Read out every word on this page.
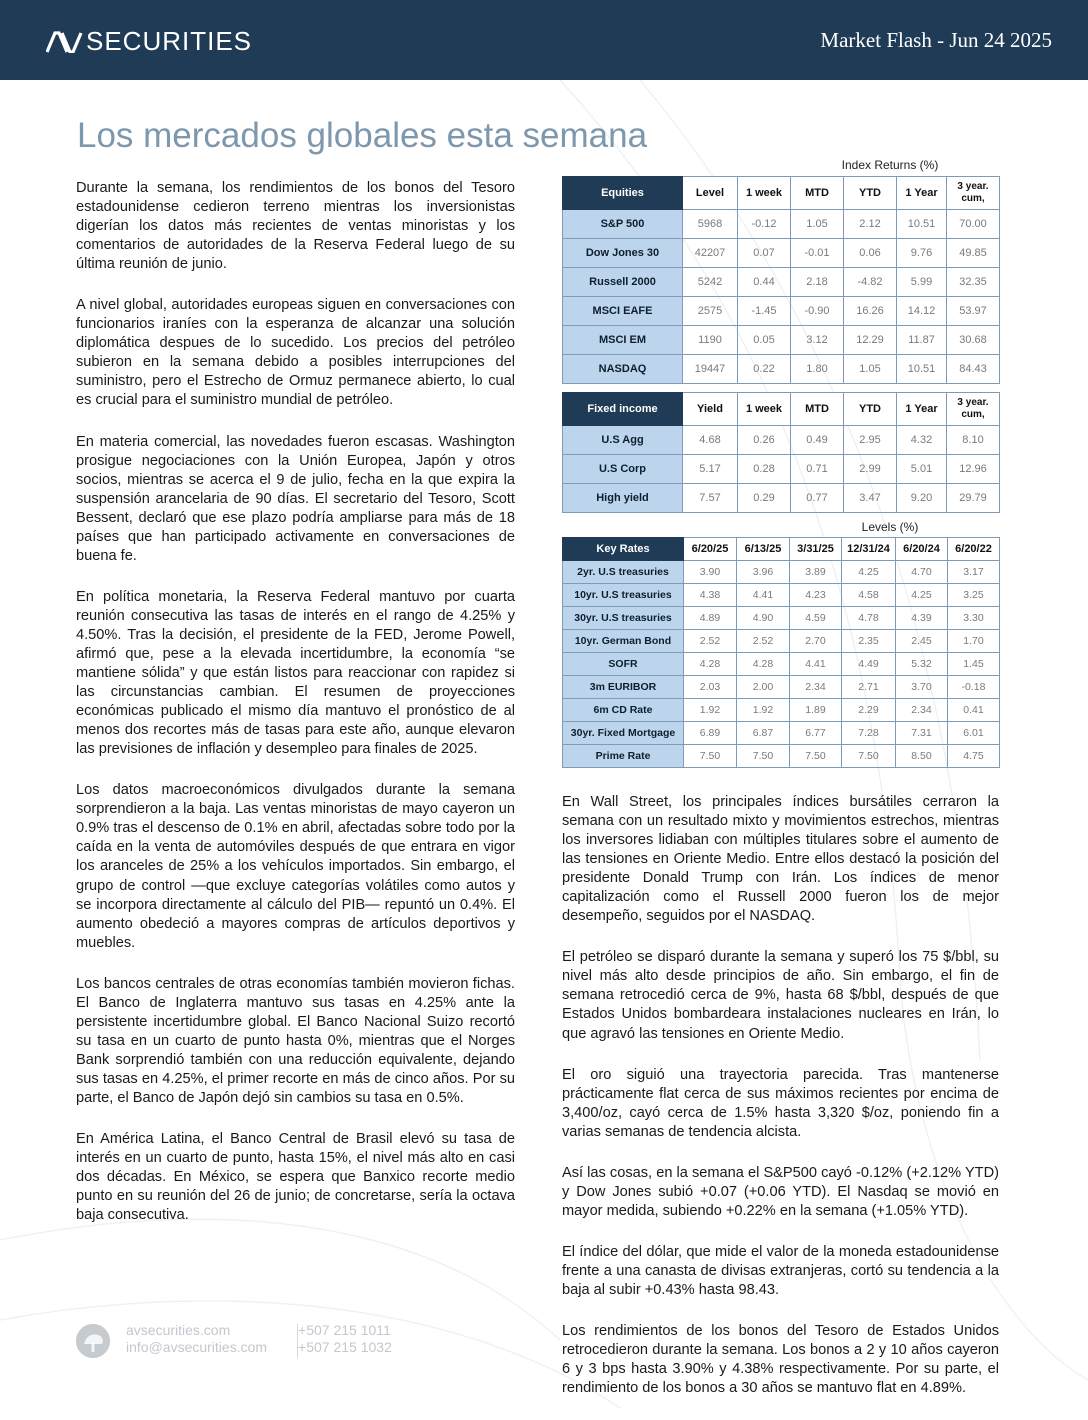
SECURITIES	Market Flash - Jun 24 2025
Los mercados globales esta semana

Durante la semana, los rendimientos de los bonos del Tesoro estadounidense cedieron terreno mientras los inversionistas digerían los datos más recientes de ventas minoristas y los comentarios de autoridades de la Reserva Federal luego de su última reunión de junio.

A nivel global, autoridades europeas siguen en conversaciones con funcionarios iraníes con la esperanza de alcanzar una solución diplomática despues de lo sucedido. Los precios del petróleo subieron en la semana debido a posibles interrupciones del suministro, pero el Estrecho de Ormuz permanece abierto, lo cual es crucial para el suministro mundial de petróleo.

En materia comercial, las novedades fueron escasas. Washington prosigue negociaciones con la Unión Europea, Japón y otros socios, mientras se acerca el 9 de julio, fecha en la que expira la suspensión arancelaria de 90 días. El secretario del Tesoro, Scott Bessent, declaró que ese plazo podría ampliarse para más de 18 países que han participado activamente en conversaciones de buena fe.

En política monetaria, la Reserva Federal mantuvo por cuarta reunión consecutiva las tasas de interés en el rango de 4.25% y 4.50%. Tras la decisión, el presidente de la FED, Jerome Powell, afirmó que, pese a la elevada incertidumbre, la economía “se mantiene sólida” y que están listos para reaccionar con rapidez si las circunstancias cambian. El resumen de proyecciones económicas publicado el mismo día mantuvo el pronóstico de al menos dos recortes más de tasas para este año, aunque elevaron las previsiones de inflación y desempleo para finales de 2025.

Los datos macroeconómicos divulgados durante la semana sorprendieron a la baja. Las ventas minoristas de mayo cayeron un 0.9% tras el descenso de 0.1% en abril, afectadas sobre todo por la caída en la venta de automóviles después de que entrara en vigor los aranceles de 25% a los vehículos importados. Sin embargo, el grupo de control —que excluye categorías volátiles como autos y se incorpora directamente al cálculo del PIB— repuntó un 0.4%. El aumento obedeció a mayores compras de artículos deportivos y muebles.

Los bancos centrales de otras economías también movieron fichas. El Banco de Inglaterra mantuvo sus tasas en 4.25% ante la persistente incertidumbre global. El Banco Nacional Suizo recortó su tasa en un cuarto de punto hasta 0%, mientras que el Norges Bank sorprendió también con una reducción equivalente, dejando sus tasas en 4.25%, el primer recorte en más de cinco años. Por su parte, el Banco de Japón dejó sin cambios su tasa en 0.5%.

En América Latina, el Banco Central de Brasil elevó su tasa de interés en un cuarto de punto, hasta 15%, el nivel más alto en casi dos décadas. En México, se espera que Banxico recorte medio punto en su reunión del 26 de junio; de concretarse, sería la octava baja consecutiva.

Index Returns (%)
Equities	Level	1 week	MTD	YTD	1 Year	3 year. cum,
S&P 500	5968	-0.12	1.05	2.12	10.51	70.00
Dow Jones 30	42207	0.07	-0.01	0.06	9.76	49.85
Russell 2000	5242	0.44	2.18	-4.82	5.99	32.35
MSCI EAFE	2575	-1.45	-0.90	16.26	14.12	53.97
MSCI EM	1190	0.05	3.12	12.29	11.87	30.68
NASDAQ	19447	0.22	1.80	1.05	10.51	84.43
Fixed income	Yield	1 week	MTD	YTD	1 Year	3 year. cum,
U.S Agg	4.68	0.26	0.49	2.95	4.32	8.10
U.S Corp	5.17	0.28	0.71	2.99	5.01	12.96
High yield	7.57	0.29	0.77	3.47	9.20	29.79
Levels (%)
Key Rates	6/20/25	6/13/25	3/31/25	12/31/24	6/20/24	6/20/22
2yr. U.S treasuries	3.90	3.96	3.89	4.25	4.70	3.17
10yr. U.S treasuries	4.38	4.41	4.23	4.58	4.25	3.25
30yr. U.S treasuries	4.89	4.90	4.59	4.78	4.39	3.30
10yr. German Bond	2.52	2.52	2.70	2.35	2.45	1.70
SOFR	4.28	4.28	4.41	4.49	5.32	1.45
3m EURIBOR	2.03	2.00	2.34	2.71	3.70	-0.18
6m CD Rate	1.92	1.92	1.89	2.29	2.34	0.41
30yr. Fixed Mortgage	6.89	6.87	6.77	7.28	7.31	6.01
Prime Rate	7.50	7.50	7.50	7.50	8.50	4.75

En Wall Street, los principales índices bursátiles cerraron la semana con un resultado mixto y movimientos estrechos, mientras los inversores lidiaban con múltiples titulares sobre el aumento de las tensiones en Oriente Medio. Entre ellos destacó la posición del presidente Donald Trump con Irán. Los índices de menor capitalización como el Russell 2000 fueron los de mejor desempeño, seguidos por el NASDAQ.

El petróleo se disparó durante la semana y superó los 75 $/bbl, su nivel más alto desde principios de año. Sin embargo, el fin de semana retrocedió cerca de 9%, hasta 68 $/bbl, después de que Estados Unidos bombardeara instalaciones nucleares en Irán, lo que agravó las tensiones en Oriente Medio.

El oro siguió una trayectoria parecida. Tras mantenerse prácticamente flat cerca de sus máximos recientes por encima de 3,400/oz, cayó cerca de 1.5% hasta 3,320 $/oz, poniendo fin a varias semanas de tendencia alcista.

Así las cosas, en la semana el S&P500 cayó -0.12% (+2.12% YTD) y Dow Jones subió +0.07 (+0.06 YTD). El Nasdaq se movió en mayor medida, subiendo +0.22% en la semana (+1.05% YTD).

El índice del dólar, que mide el valor de la moneda estadounidense frente a una canasta de divisas extranjeras, cortó su tendencia a la baja al subir +0.43% hasta 98.43.

Los rendimientos de los bonos del Tesoro de Estados Unidos retrocedieron durante la semana. Los bonos a 2 y 10 años cayeron 6 y 3 bps hasta 3.90% y 4.38% respectivamente. Por su parte, el rendimiento de los bonos a 30 años se mantuvo flat en 4.89%.

avsecurities.com
info@avsecurities.com
+507 215 1011
+507 215 1032
